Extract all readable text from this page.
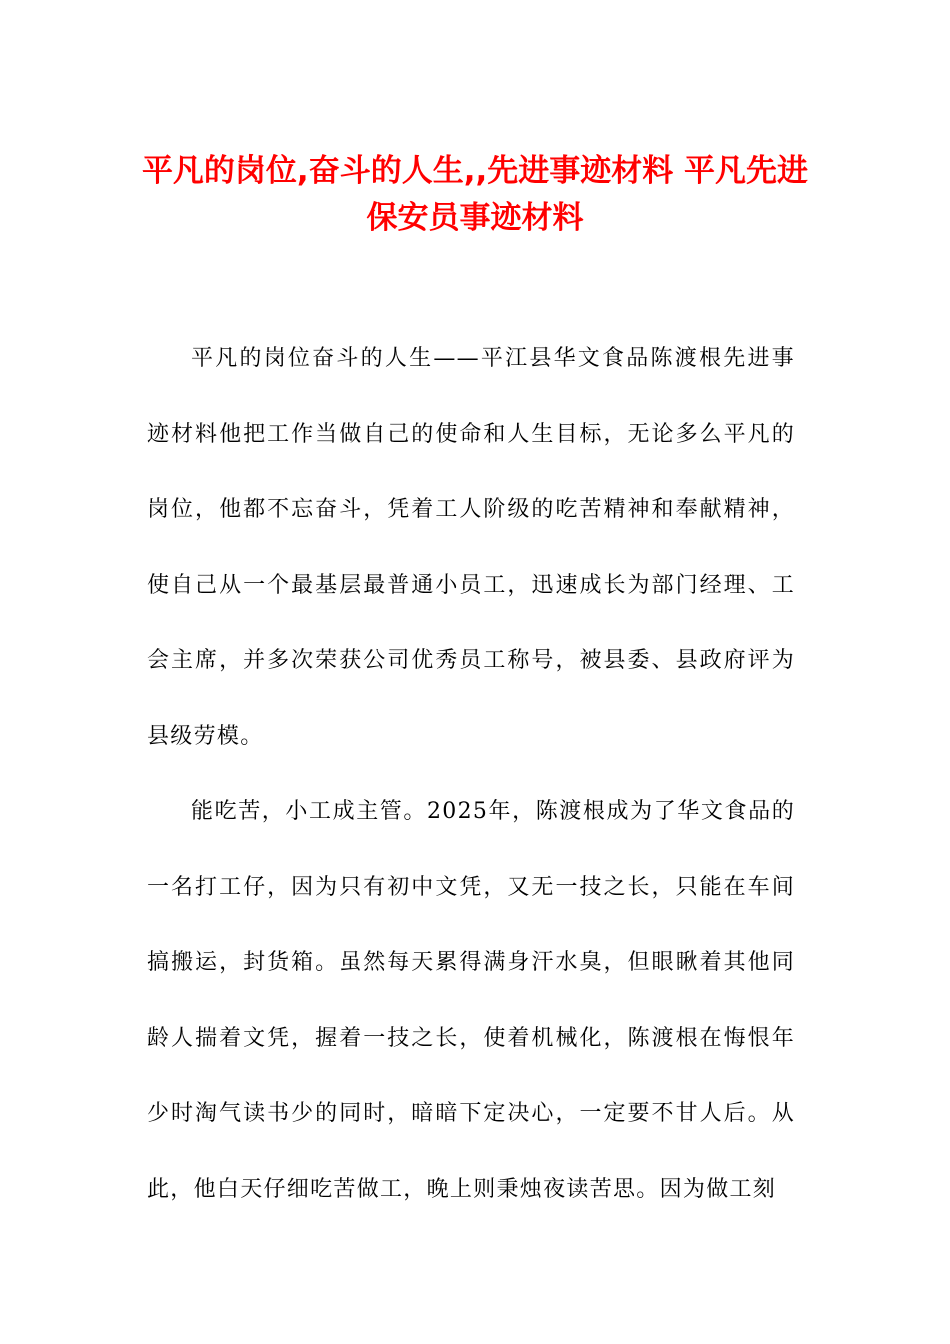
平凡的岗位,奋斗的人生,,先进事迹材料 平凡先进保安员事迹材料

平凡的岗位奋斗的人生——平江县华文食品陈渡根先进事迹材料他把工作当做自己的使命和人生目标，无论多么平凡的岗位，他都不忘奋斗，凭着工人阶级的吃苦精神和奉献精神，使自己从一个最基层最普通小员工，迅速成长为部门经理、工会主席，并多次荣获公司优秀员工称号，被县委、县政府评为县级劳模。

能吃苦，小工成主管。2025年，陈渡根成为了华文食品的一名打工仔，因为只有初中文凭，又无一技之长，只能在车间搞搬运，封货箱。虽然每天累得满身汗水臭，但眼瞅着其他同龄人揣着文凭，握着一技之长，使着机械化，陈渡根在悔恨年少时淘气读书少的同时，暗暗下定决心，一定要不甘人后。从此，他白天仔细吃苦做工，晚上则秉烛夜读苦思。因为做工刻
